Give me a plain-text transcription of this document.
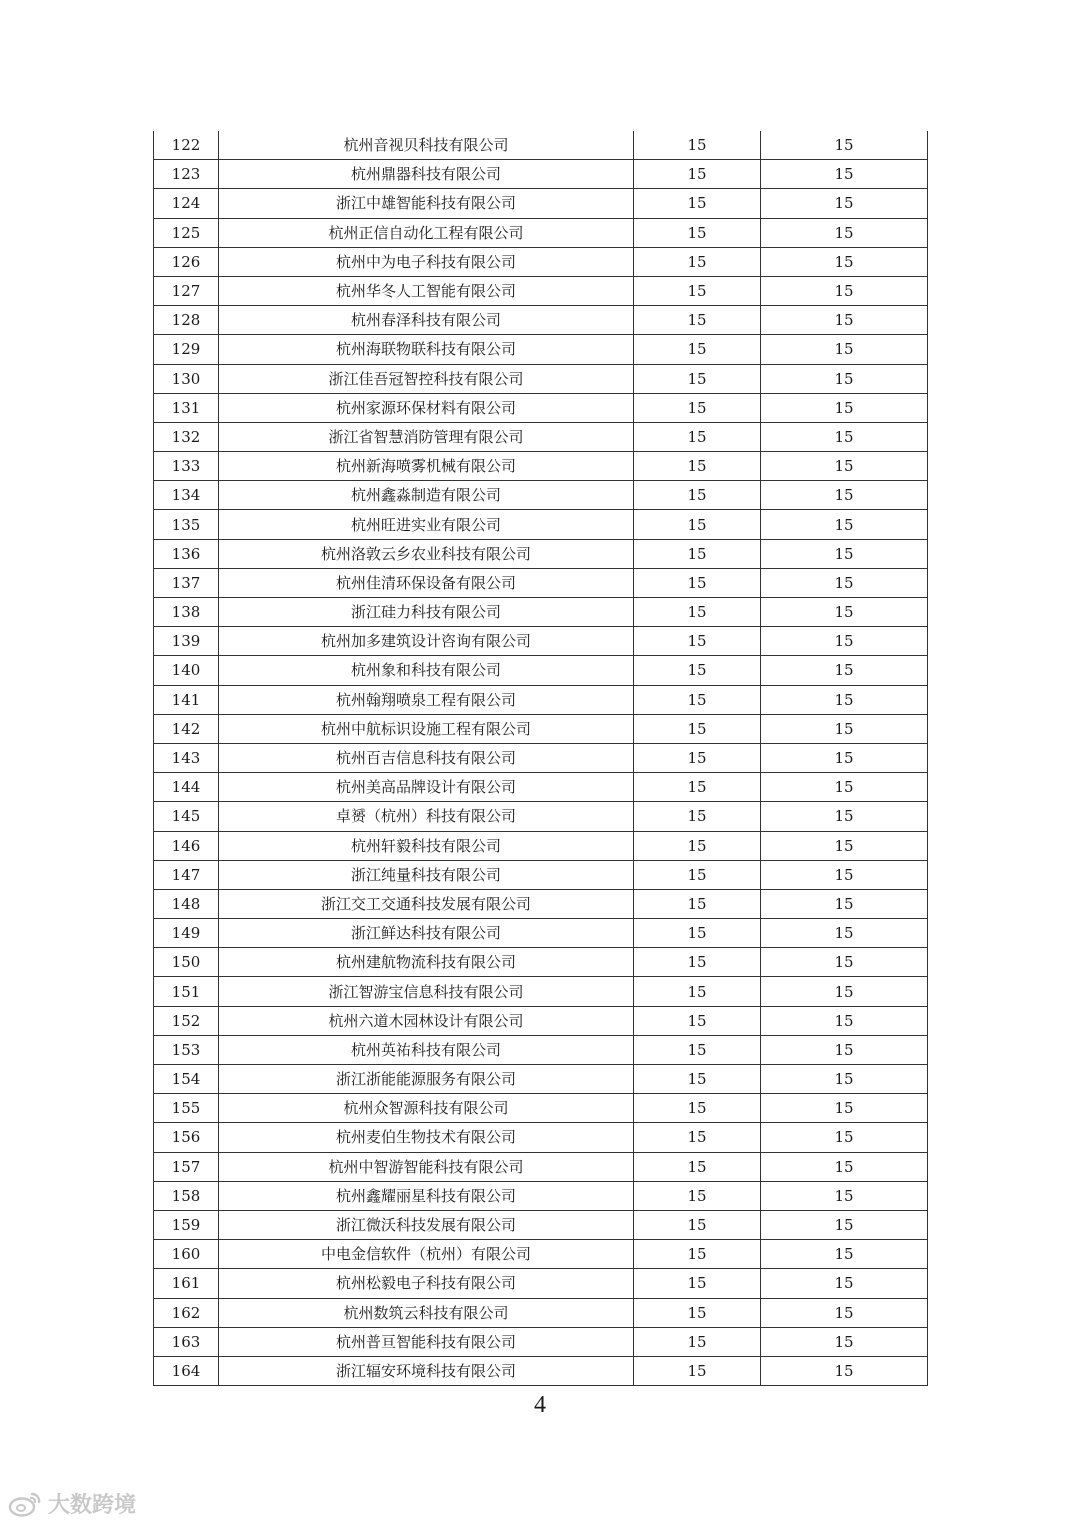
122	杭州音视贝科技有限公司	15	15
123	杭州鼎器科技有限公司	15	15
124	浙江中雄智能科技有限公司	15	15
125	杭州正信自动化工程有限公司	15	15
126	杭州中为电子科技有限公司	15	15
127	杭州华冬人工智能有限公司	15	15
128	杭州春泽科技有限公司	15	15
129	杭州海联物联科技有限公司	15	15
130	浙江佳吾冠智控科技有限公司	15	15
131	杭州家源环保材料有限公司	15	15
132	浙江省智慧消防管理有限公司	15	15
133	杭州新海喷雾机械有限公司	15	15
134	杭州鑫淼制造有限公司	15	15
135	杭州旺进实业有限公司	15	15
136	杭州洛敦云乡农业科技有限公司	15	15
137	杭州佳清环保设备有限公司	15	15
138	浙江硅力科技有限公司	15	15
139	杭州加多建筑设计咨询有限公司	15	15
140	杭州象和科技有限公司	15	15
141	杭州翰翔喷泉工程有限公司	15	15
142	杭州中航标识设施工程有限公司	15	15
143	杭州百吉信息科技有限公司	15	15
144	杭州美高品牌设计有限公司	15	15
145	卓赟（杭州）科技有限公司	15	15
146	杭州轩毅科技有限公司	15	15
147	浙江纯量科技有限公司	15	15
148	浙江交工交通科技发展有限公司	15	15
149	浙江鲜达科技有限公司	15	15
150	杭州建航物流科技有限公司	15	15
151	浙江智游宝信息科技有限公司	15	15
152	杭州六道木园林设计有限公司	15	15
153	杭州英祐科技有限公司	15	15
154	浙江浙能能源服务有限公司	15	15
155	杭州众智源科技有限公司	15	15
156	杭州麦伯生物技术有限公司	15	15
157	杭州中智游智能科技有限公司	15	15
158	杭州鑫耀丽星科技有限公司	15	15
159	浙江微沃科技发展有限公司	15	15
160	中电金信软件（杭州）有限公司	15	15
161	杭州松毅电子科技有限公司	15	15
162	杭州数筑云科技有限公司	15	15
163	杭州普亘智能科技有限公司	15	15
164	浙江辐安环境科技有限公司	15	15
4
大数跨境
